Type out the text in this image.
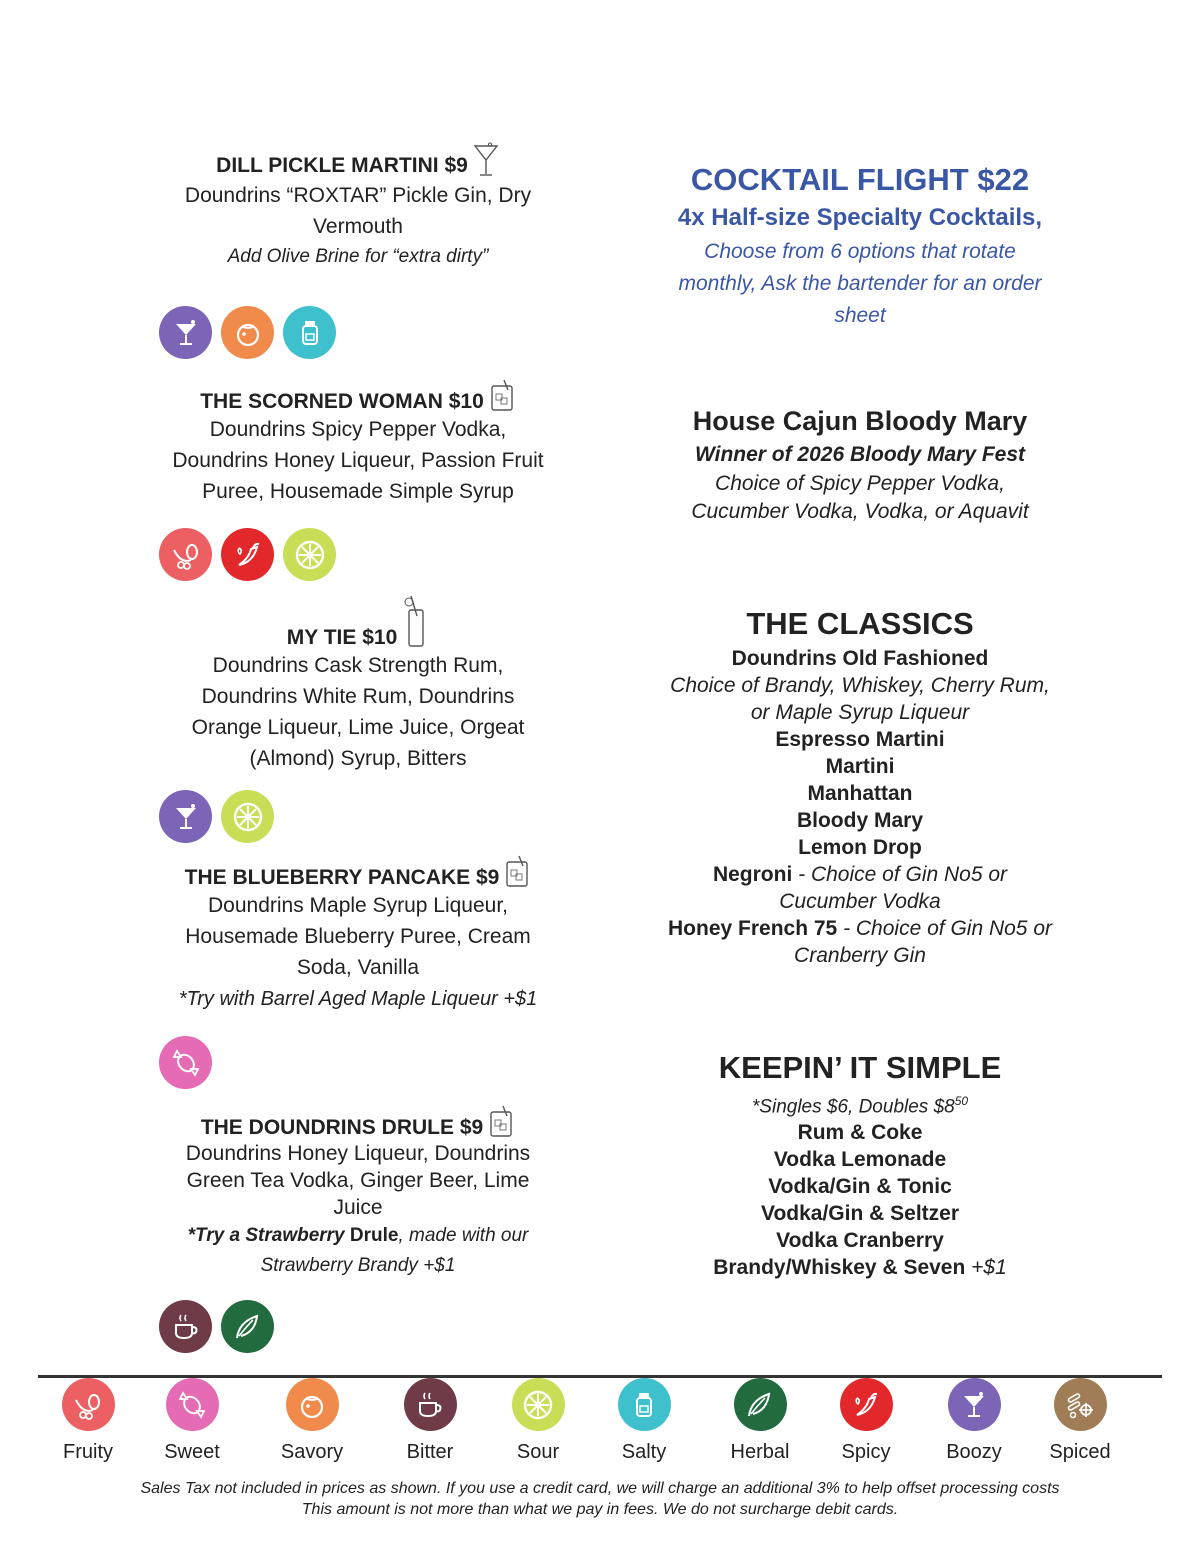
DILL PICKLE MARTINI $9
Doundrins “ROXTAR” Pickle Gin, Dry
Vermouth
Add Olive Brine for “extra dirty”
THE SCORNED WOMAN $10
Doundrins Spicy Pepper Vodka,
Doundrins Honey Liqueur, Passion Fruit
Puree, Housemade Simple Syrup
MY TIE $10
Doundrins Cask Strength Rum,
Doundrins White Rum, Doundrins
Orange Liqueur, Lime Juice, Orgeat
(Almond) Syrup, Bitters
THE BLUEBERRY PANCAKE $9
Doundrins Maple Syrup Liqueur,
Housemade Blueberry Puree, Cream
Soda, Vanilla
*Try with Barrel Aged Maple Liqueur +$1
THE DOUNDRINS DRULE $9
Doundrins Honey Liqueur, Doundrins
Green Tea Vodka, Ginger Beer, Lime
Juice
*Try a Strawberry Drule, made with our
Strawberry Brandy +$1
COCKTAIL FLIGHT $22
4x Half-size Specialty Cocktails,
Choose from 6 options that rotate
monthly, Ask the bartender for an order
sheet
House Cajun Bloody Mary
Winner of 2026 Bloody Mary Fest
Choice of Spicy Pepper Vodka,
Cucumber Vodka, Vodka, or Aquavit
THE CLASSICS
Doundrins Old Fashioned
Choice of Brandy, Whiskey, Cherry Rum,
or Maple Syrup Liqueur
Espresso Martini
Martini
Manhattan
Bloody Mary
Lemon Drop
Negroni - Choice of Gin No5 or
Cucumber Vodka
Honey French 75 - Choice of Gin No5 or
Cranberry Gin
KEEPIN’ IT SIMPLE
*Singles $6, Doubles $\$8^{50}$
Rum & Coke
Vodka Lemonade
Vodka/Gin & Tonic
Vodka/Gin & Seltzer
Vodka Cranberry
Brandy/Whiskey & Seven +$1
Fruity	Sweet	Savory	Bitter	Sour	Salty	Herbal	Spicy	Boozy	Spiced
Sales Tax not included in prices as shown. If you use a credit card, we will charge an additional 3% to help offset processing costs
This amount is not more than what we pay in fees. We do not surcharge debit cards.
